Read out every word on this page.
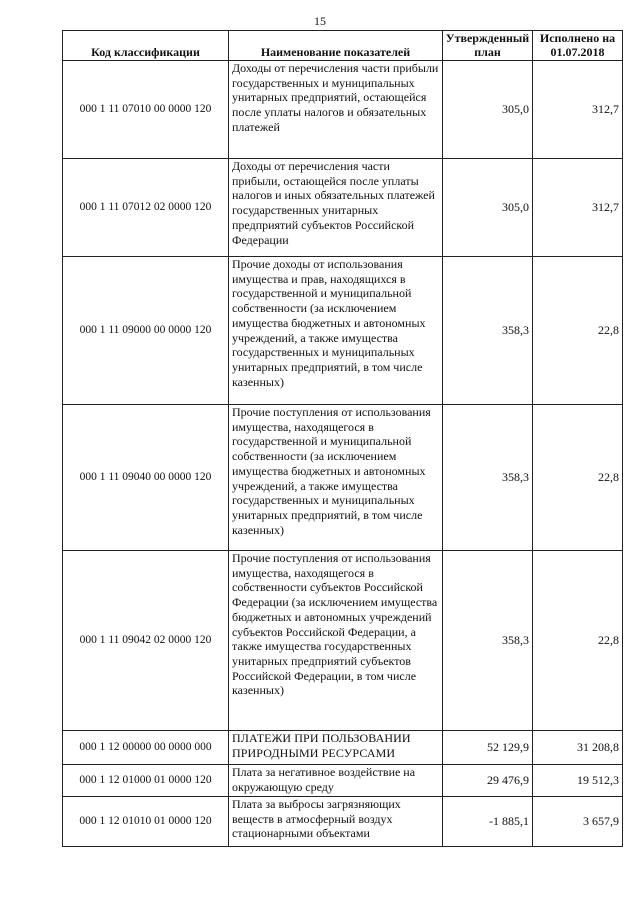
15
Код классификации	Наименование показателей	Утвержденный план	Исполнено на 01.07.2018
000 1 11 07010 00 0000 120	Доходы от перечисления части прибыли государственных и муниципальных унитарных предприятий, остающейся после уплаты налогов и обязательных платежей	305,0	312,7
000 1 11 07012 02 0000 120	Доходы от перечисления части прибыли, остающейся после уплаты налогов и иных обязательных платежей государственных унитарных предприятий субъектов Российской Федерации	305,0	312,7
000 1 11 09000 00 0000 120	Прочие доходы от использования имущества и прав, находящихся в государственной и муниципальной собственности (за исключением имущества бюджетных и автономных учреждений, а также имущества государственных и муниципальных унитарных предприятий, в том числе казенных)	358,3	22,8
000 1 11 09040 00 0000 120	Прочие поступления от использования имущества, находящегося в государственной и муниципальной собственности (за исключением имущества бюджетных и автономных учреждений, а также имущества государственных и муниципальных унитарных предприятий, в том числе казенных)	358,3	22,8
000 1 11 09042 02 0000 120	Прочие поступления от использования имущества, находящегося в собственности субъектов Российской Федерации (за исключением имущества бюджетных и автономных учреждений субъектов Российской Федерации, а также имущества государственных унитарных предприятий субъектов Российской Федерации, в том числе казенных)	358,3	22,8
000 1 12 00000 00 0000 000	ПЛАТЕЖИ ПРИ ПОЛЬЗОВАНИИ ПРИРОДНЫМИ РЕСУРСАМИ	52 129,9	31 208,8
000 1 12 01000 01 0000 120	Плата за негативное воздействие на окружающую среду	29 476,9	19 512,3
000 1 12 01010 01 0000 120	Плата за выбросы загрязняющих веществ в атмосферный воздух стационарными объектами	-1 885,1	3 657,9
